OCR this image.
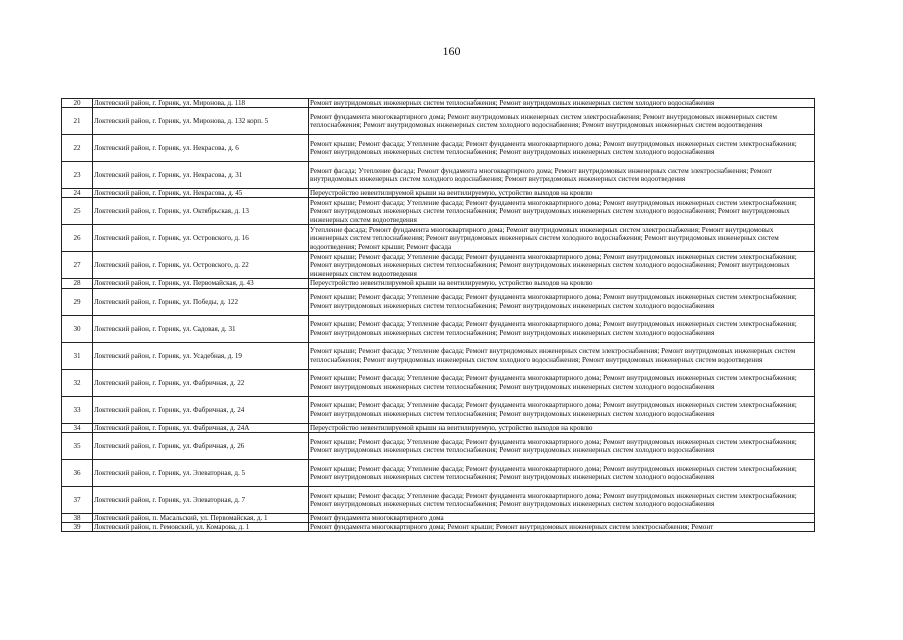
160
20	Локтевский район, г. Горняк, ул. Миронова, д. 118	Ремонт внутридомовых инженерных систем теплоснабжения; Ремонт внутридомовых инженерных систем холодного водоснабжения
21	Локтевский район, г. Горняк, ул. Миронова, д. 132 корп. 5	Ремонт фундамента многоквартирного дома; Ремонт внутридомовых инженерных систем электроснабжения; Ремонт внутридомовых инженерных систем теплоснабжения; Ремонт внутридомовых инженерных систем холодного водоснабжения; Ремонт внутридомовых инженерных систем водоотведения
22	Локтевский район, г. Горняк, ул. Некрасова, д. 6	Ремонт крыши; Ремонт фасада; Утепление фасада; Ремонт фундамента многоквартирного дома; Ремонт внутридомовых инженерных систем электроснабжения; Ремонт внутридомовых инженерных систем теплоснабжения; Ремонт внутридомовых инженерных систем холодного водоснабжения
23	Локтевский район, г. Горняк, ул. Некрасова, д. 31	Ремонт фасада; Утепление фасада; Ремонт фундамента многоквартирного дома; Ремонт внутридомовых инженерных систем электроснабжения; Ремонт внутридомовых инженерных систем холодного водоснабжения; Ремонт внутридомовых инженерных систем водоотведения
24	Локтевский район, г. Горняк, ул. Некрасова, д. 45	Переустройство невентилируемой крыши на вентилируемую, устройство выходов на кровлю
25	Локтевский район, г. Горняк, ул. Октябрьская, д. 13	Ремонт крыши; Ремонт фасада; Утепление фасада; Ремонт фундамента многоквартирного дома; Ремонт внутридомовых инженерных систем электроснабжения; Ремонт внутридомовых инженерных систем теплоснабжения; Ремонт внутридомовых инженерных систем холодного водоснабжения; Ремонт внутридомовых инженерных систем водоотведения
26	Локтевский район, г. Горняк, ул. Островского, д. 16	Утепление фасада; Ремонт фундамента многоквартирного дома; Ремонт внутридомовых инженерных систем электроснабжения; Ремонт внутридомовых инженерных систем теплоснабжения; Ремонт внутридомовых инженерных систем холодного водоснабжения; Ремонт внутридомовых инженерных систем водоотведения; Ремонт крыши; Ремонт фасада
27	Локтевский район, г. Горняк, ул. Островского, д. 22	Ремонт крыши; Ремонт фасада; Утепление фасада; Ремонт фундамента многоквартирного дома; Ремонт внутридомовых инженерных систем электроснабжения; Ремонт внутридомовых инженерных систем теплоснабжения; Ремонт внутридомовых инженерных систем холодного водоснабжения; Ремонт внутридомовых инженерных систем водоотведения
28	Локтевский район, г. Горняк, ул. Первомайская, д. 43	Переустройство невентилируемой крыши на вентилируемую, устройство выходов на кровлю
29	Локтевский район, г. Горняк, ул. Победы, д. 122	Ремонт крыши; Ремонт фасада; Утепление фасада; Ремонт фундамента многоквартирного дома; Ремонт внутридомовых инженерных систем электроснабжения; Ремонт внутридомовых инженерных систем теплоснабжения; Ремонт внутридомовых инженерных систем холодного водоснабжения
30	Локтевский район, г. Горняк, ул. Садовая, д. 31	Ремонт крыши; Ремонт фасада; Утепление фасада; Ремонт фундамента многоквартирного дома; Ремонт внутридомовых инженерных систем электроснабжения; Ремонт внутридомовых инженерных систем теплоснабжения; Ремонт внутридомовых инженерных систем холодного водоснабжения
31	Локтевский район, г. Горняк, ул. Усадебная, д. 19	Ремонт крыши; Ремонт фасада; Утепление фасада; Ремонт внутридомовых инженерных систем электроснабжения; Ремонт внутридомовых инженерных систем теплоснабжения; Ремонт внутридомовых инженерных систем холодного водоснабжения; Ремонт внутридомовых инженерных систем водоотведения
32	Локтевский район, г. Горняк, ул. Фабричная, д. 22	Ремонт крыши; Ремонт фасада; Утепление фасада; Ремонт фундамента многоквартирного дома; Ремонт внутридомовых инженерных систем электроснабжения; Ремонт внутридомовых инженерных систем теплоснабжения; Ремонт внутридомовых инженерных систем холодного водоснабжения
33	Локтевский район, г. Горняк, ул. Фабричная, д. 24	Ремонт крыши; Ремонт фасада; Утепление фасада; Ремонт фундамента многоквартирного дома; Ремонт внутридомовых инженерных систем электроснабжения; Ремонт внутридомовых инженерных систем теплоснабжения; Ремонт внутридомовых инженерных систем холодного водоснабжения
34	Локтевский район, г. Горняк, ул. Фабричная, д. 24А	Переустройство невентилируемой крыши на вентилируемую, устройство выходов на кровлю
35	Локтевский район, г. Горняк, ул. Фабричная, д. 26	Ремонт крыши; Ремонт фасада; Утепление фасада; Ремонт фундамента многоквартирного дома; Ремонт внутридомовых инженерных систем электроснабжения; Ремонт внутридомовых инженерных систем теплоснабжения; Ремонт внутридомовых инженерных систем холодного водоснабжения
36	Локтевский район, г. Горняк, ул. Элеваторная, д. 5	Ремонт крыши; Ремонт фасада; Утепление фасада; Ремонт фундамента многоквартирного дома; Ремонт внутридомовых инженерных систем электроснабжения; Ремонт внутридомовых инженерных систем теплоснабжения; Ремонт внутридомовых инженерных систем холодного водоснабжения
37	Локтевский район, г. Горняк, ул. Элеваторная, д. 7	Ремонт крыши; Ремонт фасада; Утепление фасада; Ремонт фундамента многоквартирного дома; Ремонт внутридомовых инженерных систем электроснабжения; Ремонт внутридомовых инженерных систем теплоснабжения; Ремонт внутридомовых инженерных систем холодного водоснабжения
38	Локтевский район, п. Масальский, ул. Первомайская, д. 1	Ремонт фундамента многоквартирного дома
39	Локтевский район, п. Ремовский, ул. Комарова, д. 1	Ремонт фундамента многоквартирного дома; Ремонт крыши; Ремонт внутридомовых инженерных систем электроснабжения; Ремонт
